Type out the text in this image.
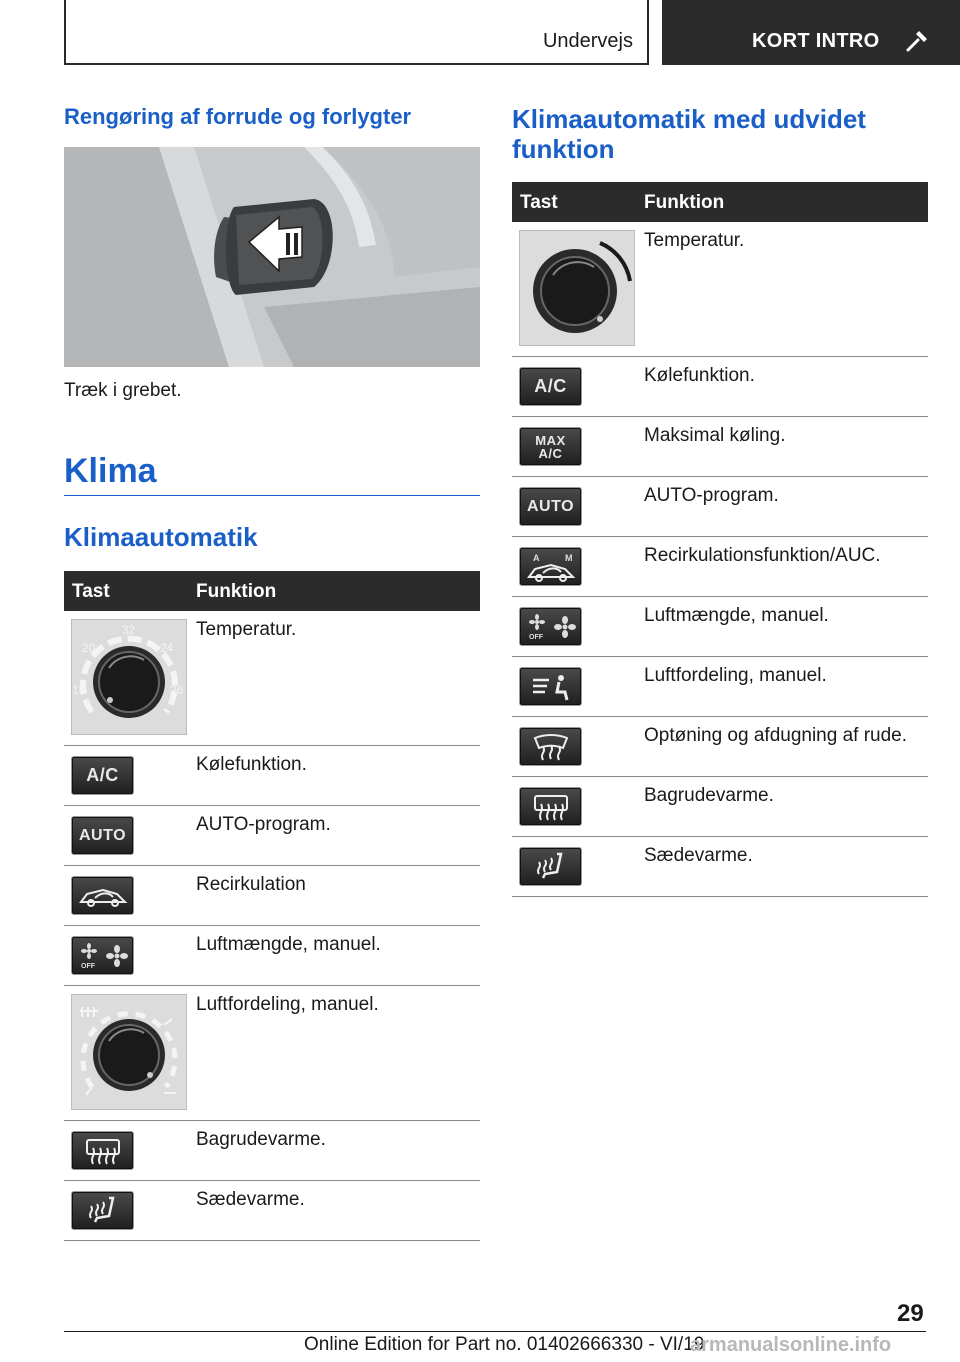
Undervejs	KORT INTRO
Rengøring af forrude og forlygter
Træk i grebet.
Klima
Klimaautomatik
Tast	Funktion
20
32
24
18	26
Temperatur.
A/C	Kølefunktion.
AUTO	AUTO-program.
Recirkulation
OFF
Luftmængde, manuel.
Luftfordeling, manuel.
Bagrudevarme.
Sædevarme.
Klimaautomatik med udvidet funktion
Tast	Funktion
Temperatur.
A/C	Kølefunktion.
MAX A/C
Maksimal køling.
AUTO	AUTO-program.
A	M	Recirkulationsfunktion/AUC.
OFF
Luftmængde, manuel.
Luftfordeling, manuel.
Optøning og afdugning af rude.
Bagrudevarme.
Sædevarme.
29
Online Edition for Part no. 01402666330 - VI/19
armanualsonline.info
